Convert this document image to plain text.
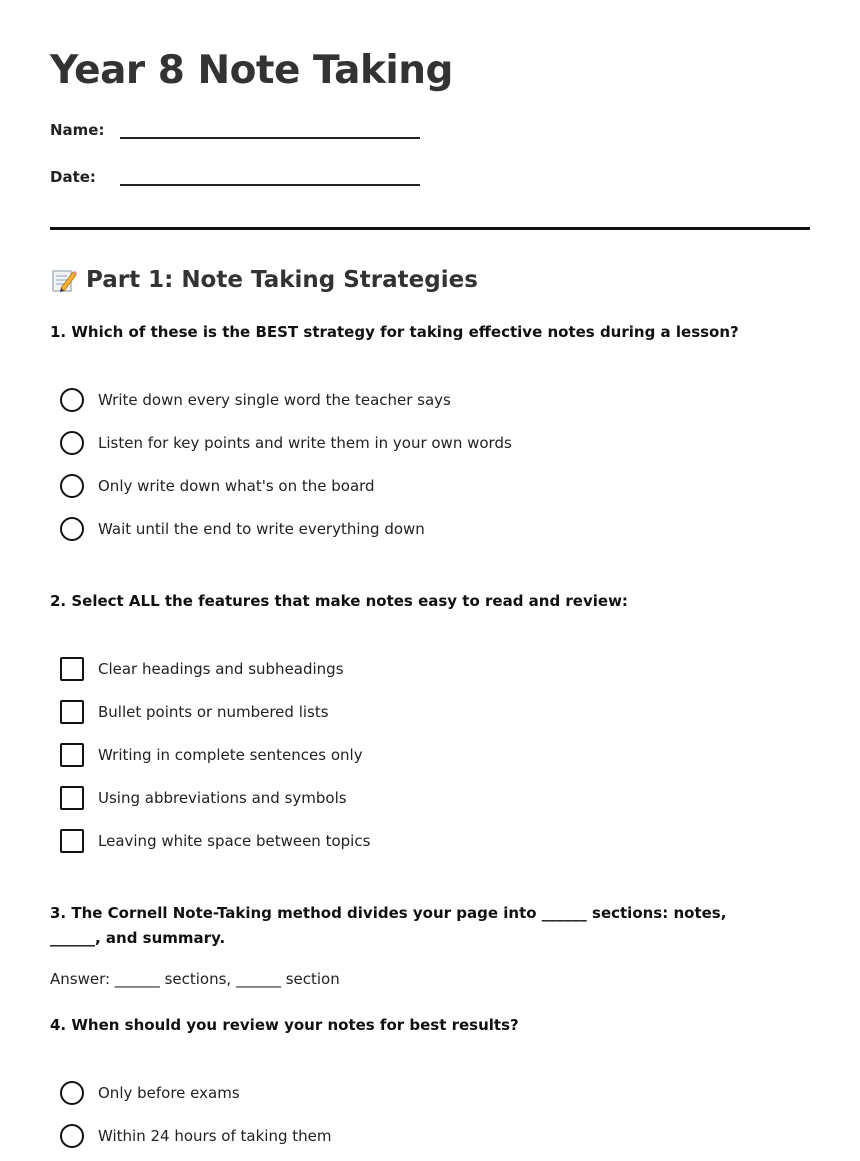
Year 8 Note Taking
Name:
Date:
Part 1: Note Taking Strategies
1. Which of these is the BEST strategy for taking effective notes during a lesson?
Write down every single word the teacher says
Listen for key points and write them in your own words
Only write down what's on the board
Wait until the end to write everything down
2. Select ALL the features that make notes easy to read and review:
Clear headings and subheadings
Bullet points or numbered lists
Writing in complete sentences only
Using abbreviations and symbols
Leaving white space between topics
3. The Cornell Note-Taking method divides your page into ______ sections: notes, ______, and summary.
Answer: ______ sections, ______ section
4. When should you review your notes for best results?
Only before exams
Within 24 hours of taking them
